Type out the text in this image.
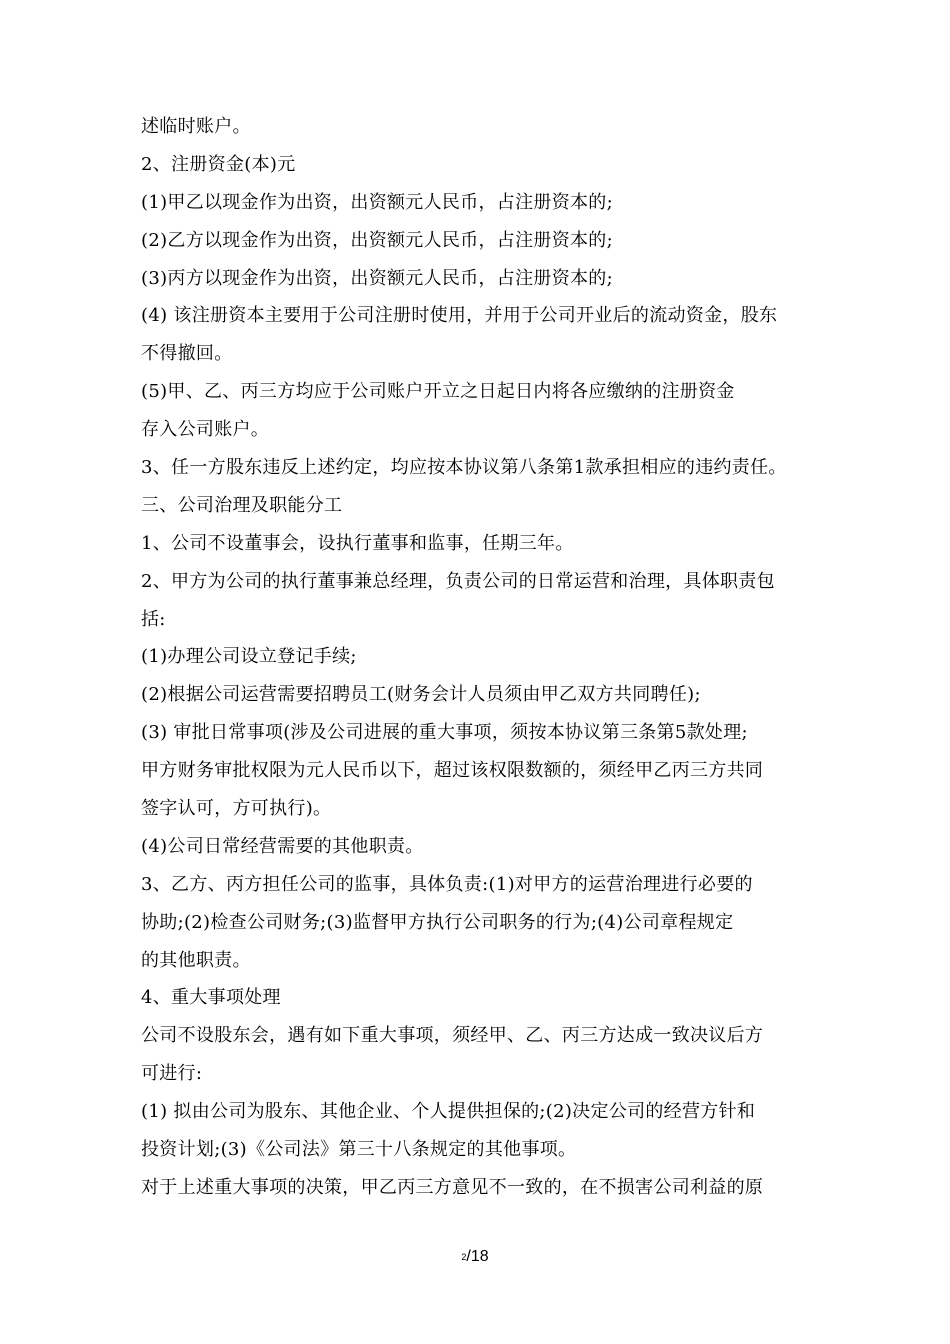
述临时账户。
2、注册资金(本)元
(1)甲乙以现金作为出资，出资额元人民币，占注册资本的;
(2)乙方以现金作为出资，出资额元人民币，占注册资本的;
(3)丙方以现金作为出资，出资额元人民币，占注册资本的;
(4) 该注册资本主要用于公司注册时使用，并用于公司开业后的流动资金，股东
不得撤回。
(5)甲、乙、丙三方均应于公司账户开立之日起日内将各应缴纳的注册资金
存入公司账户。
3、任一方股东违反上述约定，均应按本协议第八条第1款承担相应的违约责任。
三、公司治理及职能分工
1、公司不设董事会，设执行董事和监事，任期三年。
2、甲方为公司的执行董事兼总经理，负责公司的日常运营和治理，具体职责包
括:
(1)办理公司设立登记手续;
(2)根据公司运营需要招聘员工(财务会计人员须由甲乙双方共同聘任);
(3) 审批日常事项(涉及公司进展的重大事项，须按本协议第三条第5款处理;
甲方财务审批权限为元人民币以下，超过该权限数额的，须经甲乙丙三方共同
签字认可，方可执行)。
(4)公司日常经营需要的其他职责。
3、乙方、丙方担任公司的监事，具体负责:(1)对甲方的运营治理进行必要的
协助;(2)检查公司财务;(3)监督甲方执行公司职务的行为;(4)公司章程规定
的其他职责。
4、重大事项处理
公司不设股东会，遇有如下重大事项，须经甲、乙、丙三方达成一致决议后方
可进行:
(1) 拟由公司为股东、其他企业、个人提供担保的;(2)决定公司的经营方针和
投资计划;(3)《公司法》第三十八条规定的其他事项。
对于上述重大事项的决策，甲乙丙三方意见不一致的，在不损害公司利益的原
2/18
